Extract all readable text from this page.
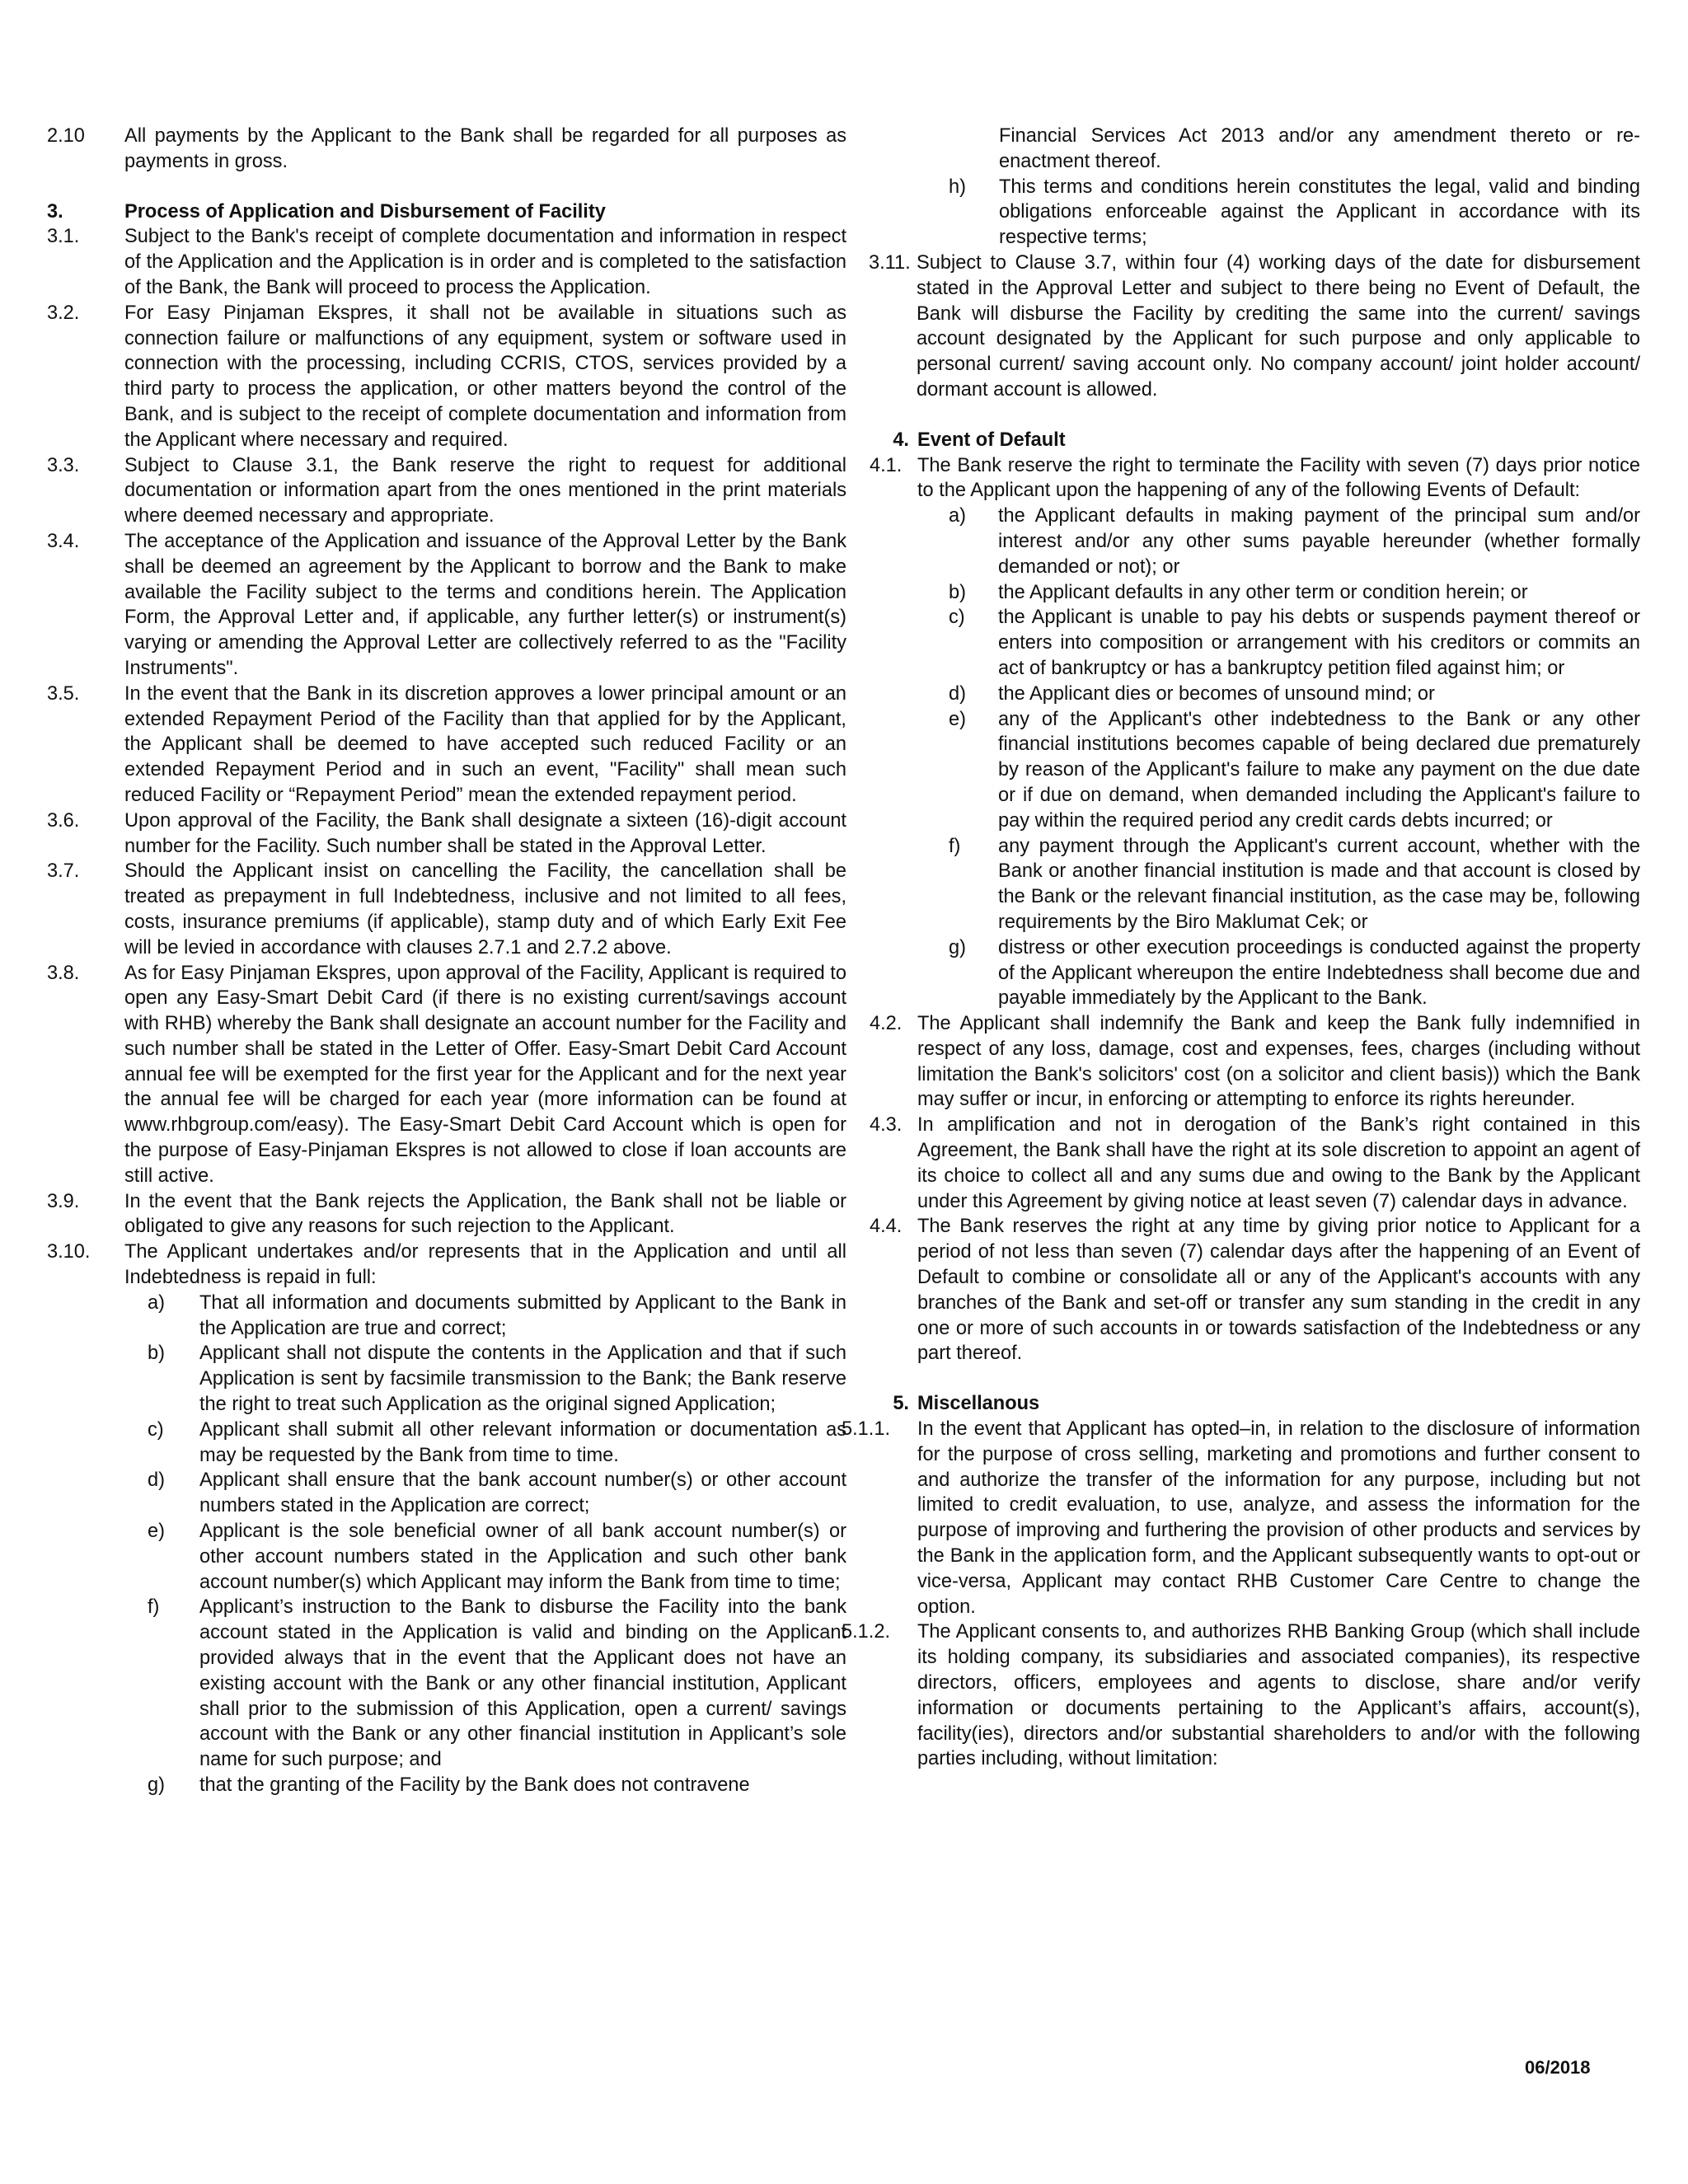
2.10	All payments by the Applicant to the Bank shall be regarded for all purposes as payments in gross.
3.	Process of Application and Disbursement of Facility
3.1.	Subject to the Bank's receipt of complete documentation and information in respect of the Application and the Application is in order and is completed to the satisfaction of the Bank, the Bank will proceed to process the Application.
3.2.	For Easy Pinjaman Ekspres, it shall not be available in situations such as connection failure or malfunctions of any equipment, system or software used in connection with the processing, including CCRIS, CTOS, services provided by a third party to process the application, or other matters beyond the control of the Bank, and is subject to the receipt of complete documentation and information from the Applicant where necessary and required.
3.3.	Subject to Clause 3.1, the Bank reserve the right to request for additional documentation or information apart from the ones mentioned in the print materials where deemed necessary and appropriate.
3.4.	The acceptance of the Application and issuance of the Approval Letter by the Bank shall be deemed an agreement by the Applicant to borrow and the Bank to make available the Facility subject to the terms and conditions herein. The Application Form, the Approval Letter and, if applicable, any further letter(s) or instrument(s) varying or amending the Approval Letter are collectively referred to as the "Facility Instruments".
3.5.	In the event that the Bank in its discretion approves a lower principal amount or an extended Repayment Period of the Facility than that applied for by the Applicant, the Applicant shall be deemed to have accepted such reduced Facility or an extended Repayment Period and in such an event, "Facility" shall mean such reduced Facility or “Repayment Period” mean the extended repayment period.
3.6.	Upon approval of the Facility, the Bank shall designate a sixteen (16)-digit account number for the Facility. Such number shall be stated in the Approval Letter.
3.7.	Should the Applicant insist on cancelling the Facility, the cancellation shall be treated as prepayment in full Indebtedness, inclusive and not limited to all fees, costs, insurance premiums (if applicable), stamp duty and of which Early Exit Fee will be levied in accordance with clauses 2.7.1 and 2.7.2 above.
3.8.	As for Easy Pinjaman Ekspres, upon approval of the Facility, Applicant is required to open any Easy-Smart Debit Card (if there is no existing current/savings account with RHB) whereby the Bank shall designate an account number for the Facility and such number shall be stated in the Letter of Offer. Easy-Smart Debit Card Account annual fee will be exempted for the first year for the Applicant and for the next year the annual fee will be charged for each year (more information can be found at www.rhbgroup.com/easy). The Easy-Smart Debit Card Account which is open for the purpose of Easy-Pinjaman Ekspres is not allowed to close if loan accounts are still active.
3.9.	In the event that the Bank rejects the Application, the Bank shall not be liable or obligated to give any reasons for such rejection to the Applicant.
3.10.	The Applicant undertakes and/or represents that in the Application and until all Indebtedness is repaid in full:
a)	That all information and documents submitted by Applicant to the Bank in the Application are true and correct;
b)	Applicant shall not dispute the contents in the Application and that if such Application is sent by facsimile transmission to the Bank; the Bank reserve the right to treat such Application as the original signed Application;
c)	Applicant shall submit all other relevant information or documentation as may be requested by the Bank from time to time.
d)	Applicant shall ensure that the bank account number(s) or other account numbers stated in the Application are correct;
e)	Applicant is the sole beneficial owner of all bank account number(s) or other account numbers stated in the Application and such other bank account number(s) which Applicant may inform the Bank from time to time;
f)	Applicant’s instruction to the Bank to disburse the Facility into the bank account stated in the Application is valid and binding on the Applicant provided always that in the event that the Applicant does not have an existing account with the Bank or any other financial institution, Applicant shall prior to the submission of this Application, open a current/ savings account with the Bank or any other financial institution in Applicant’s sole name for such purpose; and
g)	that the granting of the Facility by the Bank does not contravene
Financial Services Act 2013 and/or any amendment thereto or re-enactment thereof.
h)	This terms and conditions herein constitutes the legal, valid and binding obligations enforceable against the Applicant in accordance with its respective terms;
3.11. Subject to Clause 3.7, within four (4) working days of the date for disbursement stated in the Approval Letter and subject to there being no Event of Default, the Bank will disburse the Facility by crediting the same into the current/ savings account designated by the Applicant for such purpose and only applicable to personal current/ saving account only. No company account/ joint holder account/ dormant account is allowed.
4. Event of Default
4.1. The Bank reserve the right to terminate the Facility with seven (7) days prior notice to the Applicant upon the happening of any of the following Events of Default:
a)	the Applicant defaults in making payment of the principal sum and/or interest and/or any other sums payable hereunder (whether formally demanded or not); or
b)	the Applicant defaults in any other term or condition herein; or
c)	the Applicant is unable to pay his debts or suspends payment thereof or enters into composition or arrangement with his creditors or commits an act of bankruptcy or has a bankruptcy petition filed against him; or
d)	the Applicant dies or becomes of unsound mind; or
e)	any of the Applicant's other indebtedness to the Bank or any other financial institutions becomes capable of being declared due prematurely by reason of the Applicant's failure to make any payment on the due date or if due on demand, when demanded including the Applicant's failure to pay within the required period any credit cards debts incurred; or
f)	any payment through the Applicant's current account, whether with the Bank or another financial institution is made and that account is closed by the Bank or the relevant financial institution, as the case may be, following requirements by the Biro Maklumat Cek; or
g)	distress or other execution proceedings is conducted against the property of the Applicant whereupon the entire Indebtedness shall become due and payable immediately by the Applicant to the Bank.
4.2. The Applicant shall indemnify the Bank and keep the Bank fully indemnified in respect of any loss, damage, cost and expenses, fees, charges (including without limitation the Bank's solicitors' cost (on a solicitor and client basis)) which the Bank may suffer or incur, in enforcing or attempting to enforce its rights hereunder.
4.3. In amplification and not in derogation of the Bank’s right contained in this Agreement, the Bank shall have the right at its sole discretion to appoint an agent of its choice to collect all and any sums due and owing to the Bank by the Applicant under this Agreement by giving notice at least seven (7) calendar days in advance.
4.4. The Bank reserves the right at any time by giving prior notice to Applicant for a period of not less than seven (7) calendar days after the happening of an Event of Default to combine or consolidate all or any of the Applicant's accounts with any branches of the Bank and set-off or transfer any sum standing in the credit in any one or more of such accounts in or towards satisfaction of the Indebtedness or any part thereof.
5. Miscellanous
5.1.1.	In the event that Applicant has opted–in, in relation to the disclosure of information for the purpose of cross selling, marketing and promotions and further consent to and authorize the transfer of the information for any purpose, including but not limited to credit evaluation, to use, analyze, and assess the information for the purpose of improving and furthering the provision of other products and services by the Bank in the application form, and the Applicant subsequently wants to opt-out or vice-versa, Applicant may contact RHB Customer Care Centre to change the option.
5.1.2.	The Applicant consents to, and authorizes RHB Banking Group (which shall include its holding company, its subsidiaries and associated companies), its respective directors, officers, employees and agents to disclose, share and/or verify information or documents pertaining to the Applicant’s affairs, account(s), facility(ies), directors and/or substantial shareholders to and/or with the following parties including, without limitation:
06/2018
